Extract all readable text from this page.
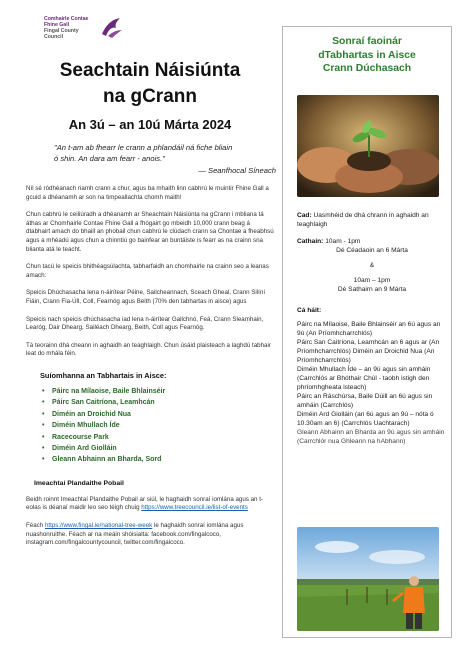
Comhairle Contae
Fhine Gall
Fingal County
Council
Seachtain Náisiúnta
na gCrann
An 3ú – an 10ú Márta 2024
"An t-am ab fhearr le crann a phlandáil ná fiche bliain
ó shin. An dara am fearr - anois."
— Seanfhocal Síneach

Níl sé ródhéanach riamh crann a chur, agus ba mhaith linn cabhrú le muintir Fhine Gall a gcuid a dhéanamh ar son na timpeallachta chomh maith!

Chun cabhrú le ceiliúradh a dhéanamh ar Sheachtain Náisiúnta na gCrann i mbliana tá áthas ar Chomhairle Contae Fhine Gall a fhógairt go mbeidh 10,000 crann beag á dtabhairt amach do bhaill an phobail chun cabhrú le clúdach crann sa Chontae a fheabhsú agus a mhéadú agus chun a chinntiú go bainfear an buntáiste is fearr as na crainn sna blianta atá le teacht.

Chun tacú le speicis bhithéagsúlachta, tabharfaidh an chomhairle na crainn seo a leanas amach:

Speicis Dhúchasacha lena n-áirítear Péine, Sailcheannach, Sceach Gheal, Crann Silíní Fiáin, Crann Fia-Úll, Coll, Fearnóg agus Beith (70% den tabhartas in aisce) agus

Speicis nach speicis dhúchasacha iad lena n-áirítear Gallchnó, Feá, Crann Sleamhain, Learóg, Dair Dhearg, Sailéach Dhearg, Beith, Coll agus Fearnóg.

Tá teorainn dhá cheann in aghaidh an teaghlaigh. Chun úsáid plaisteach a laghdú tabhair leat do mhála féin.

Suíomhanna an Tabhartais in Aisce:
• Páirc na Mílaoise, Baile Bhlainséir
• Páirc San Caitríona, Leamhcán
• Diméin an Droichid Nua
• Diméin Mhullach Íde
• Racecourse Park
• Diméin Ard Giolláin
• Gleann Abhainn an Bharda, Sord
Imeachtaí Plandaithe Pobail

Beidh roinnt Imeachtaí Plandaithe Pobail ar siúl, le haghaidh sonraí iomlána agus an t-eolas is déanaí maidir leo seo téigh chuig https://www.treecouncil.ie/list-of-events

Féach https://www.fingal.ie/national-tree-week le haghaidh sonraí iomlána agus nuashonruithe. Féach ar na meáin shóisialta: facebook.com/fingalcoco, instagram.com/fingalcountycouncil, twitter.com/fingalcoco.

Sonraí faoinár
dTabhartas in Aisce
Crann Dúchasach
Cad: Uasmhéid de dhá chrann in aghaidh an teaghlaigh
Cathain: 10am - 1pm
Dé Céadaoin an 6 Márta
&
10am – 1pm
Dé Sathairn an 9 Márta
Cá háit:
Páirc na Mílaoise, Baile Bhlainséir an 6ú agus an 9ú (An Príomhcharrchlós)
Páirc San Caitríona, Leamhcán an 6 agus ar (An Príomhcharrchlós) Diméin an Droichid Nua (An Príomhcharrchlós)
Diméin Mhullach Íde – an 9ú agus sin amháin (Carrchlós ar Bhóthair Chúl - taobh istigh den phríomhgheata isteach)
Páirc an Ráschúrsa, Baile Dúill an 6ú agus sin amháin (Carrchlós)
Diméin Ard Giolláin (an 6ú agus an 9ú – nóta ó 10.30am an 6) (Carrchlós Uachtarach)
Gleann Abhainn an Bharda an 9ú agus sin amháin (Carrchlór nua Ghleann na hAbhann)
